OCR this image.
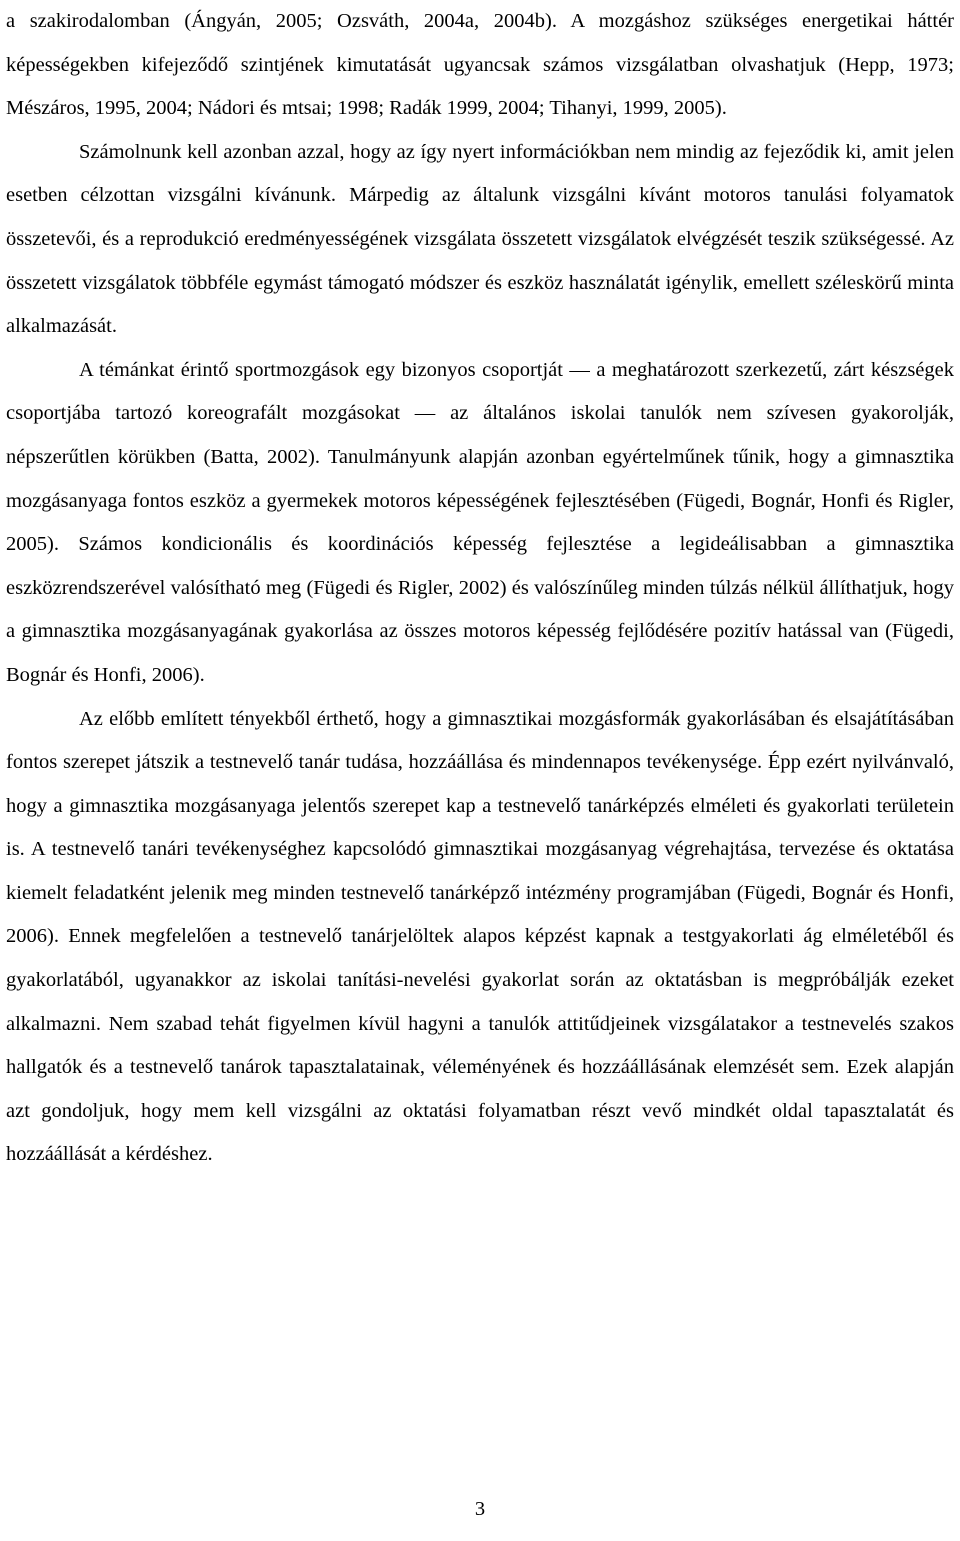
a szakirodalomban (Ángyán, 2005; Ozsváth, 2004a, 2004b). A mozgáshoz szükséges energetikai háttér képességekben kifejeződő szintjének kimutatását ugyancsak számos vizsgálatban olvashatjuk (Hepp, 1973; Mészáros, 1995, 2004; Nádori és mtsai; 1998; Radák 1999, 2004; Tihanyi, 1999, 2005).

Számolnunk kell azonban azzal, hogy az így nyert információkban nem mindig az fejeződik ki, amit jelen esetben célzottan vizsgálni kívánunk. Márpedig az általunk vizsgálni kívánt motoros tanulási folyamatok összetevői, és a reprodukció eredményességének vizsgálata összetett vizsgálatok elvégzését teszik szükségessé. Az összetett vizsgálatok többféle egymást támogató módszer és eszköz használatát igénylik, emellett széleskörű minta alkalmazását.

A témánkat érintő sportmozgások egy bizonyos csoportját — a meghatározott szerkezetű, zárt készségek csoportjába tartozó koreografált mozgásokat — az általános iskolai tanulók nem szívesen gyakorolják, népszerűtlen körükben (Batta, 2002). Tanulmányunk alapján azonban egyértelműnek tűnik, hogy a gimnasztika mozgásanyaga fontos eszköz a gyermekek motoros képességének fejlesztésében (Fügedi, Bognár, Honfi és Rigler, 2005). Számos kondicionális és koordinációs képesség fejlesztése a legideálisabban a gimnasztika eszközrendszerével valósítható meg (Fügedi és Rigler, 2002) és valószínűleg minden túlzás nélkül állíthatjuk, hogy a gimnasztika mozgásanyagának gyakorlása az összes motoros képesség fejlődésére pozitív hatással van (Fügedi, Bognár és Honfi, 2006).

Az előbb említett tényekből érthető, hogy a gimnasztikai mozgásformák gyakorlásában és elsajátításában fontos szerepet játszik a testnevelő tanár tudása, hozzáállása és mindennapos tevékenysége. Épp ezért nyilvánvaló, hogy a gimnasztika mozgásanyaga jelentős szerepet kap a testnevelő tanárképzés elméleti és gyakorlati területein is. A testnevelő tanári tevékenységhez kapcsolódó gimnasztikai mozgásanyag végrehajtása, tervezése és oktatása kiemelt feladatként jelenik meg minden testnevelő tanárképző intézmény programjában (Fügedi, Bognár és Honfi, 2006). Ennek megfelelően a testnevelő tanárjelöltek alapos képzést kapnak a testgyakorlati ág elméletéből és gyakorlatából, ugyanakkor az iskolai tanítási-nevelési gyakorlat során az oktatásban is megpróbálják ezeket alkalmazni. Nem szabad tehát figyelmen kívül hagyni a tanulók attitűdjeinek vizsgálatakor a testnevelés szakos hallgatók és a testnevelő tanárok tapasztalatainak, véleményének és hozzáállásának elemzését sem. Ezek alapján azt gondoljuk, hogy mem kell vizsgálni az oktatási folyamatban részt vevő mindkét oldal tapasztalatát és hozzáállását a kérdéshez.

3
